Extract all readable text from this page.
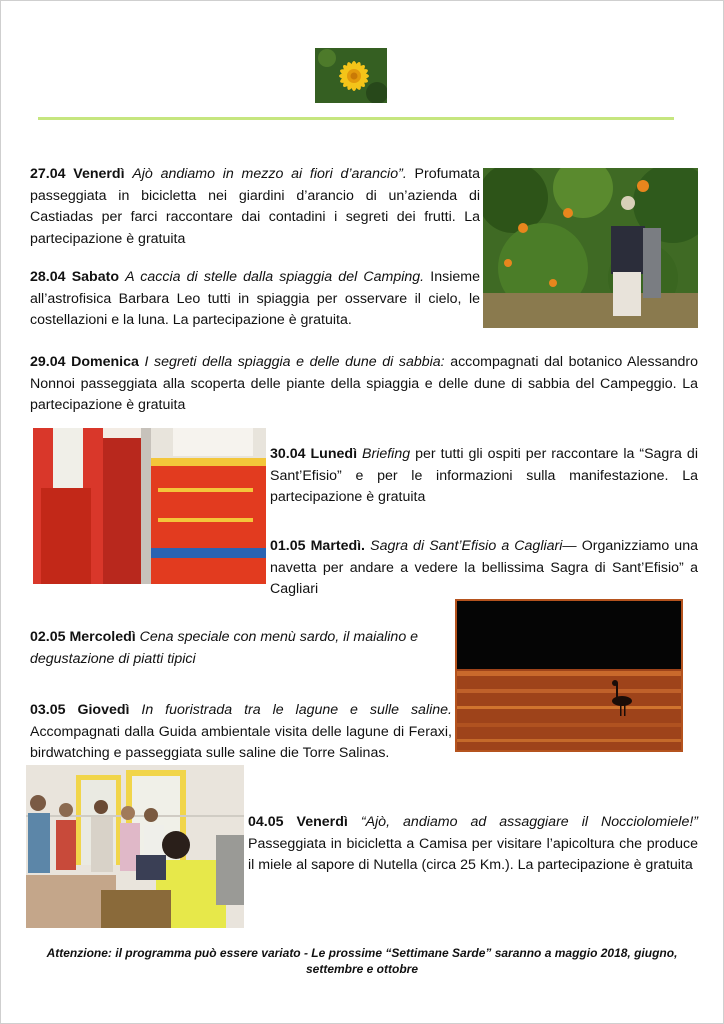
27.04 Venerdì Ajò andiamo in mezzo ai fiori d’arancio”. Profumata passeggiata in bicicletta nei giardini d’arancio di un’azienda di Castiadas per farci raccontare dai contadini i segreti dei frutti. La partecipazione è gratuita

28.04 Sabato A caccia di stelle dalla spiaggia del Camping. Insieme all’astrofisica Barbara Leo tutti in spiaggia per osservare il cielo, le costellazioni e la luna. La partecipazione è gratuita.

29.04 Domenica I segreti della spiaggia e delle dune di sabbia: accompagnati dal botanico Alessandro Nonnoi passeggiata alla scoperta delle piante della spiaggia e delle dune di sabbia del Campeggio. La partecipazione è gratuita

30.04 Lunedì Briefing per tutti gli ospiti per raccontare la “Sagra di Sant’Efisio” e per le informazioni sulla manifestazione. La partecipazione è gratuita

01.05 Martedì. Sagra di Sant’Efisio a Cagliari— Organizziamo una navetta per andare a vedere la bellissima Sagra di Sant’Efisio” a Cagliari

02.05 Mercoledì Cena speciale con menù sardo, il maialino e degustazione di piatti tipici

03.05 Giovedì In fuoristrada tra le lagune e sulle saline. Accompagnati dalla Guida ambientale visita delle lagune di Feraxi, birdwatching e passeggiata sulle saline die Torre Salinas.

04.05 Venerdì “Ajò, andiamo ad assaggiare il Nocciolomiele!” Passeggiata in bicicletta a Camisa per visitare l’apicoltura che produce il miele al sapore di Nutella (circa 25 Km.). La partecipazione è gratuita

Attenzione: il programma può essere variato - Le prossime “Settimane Sarde” saranno a maggio 2018, giugno, settembre e ottobre
